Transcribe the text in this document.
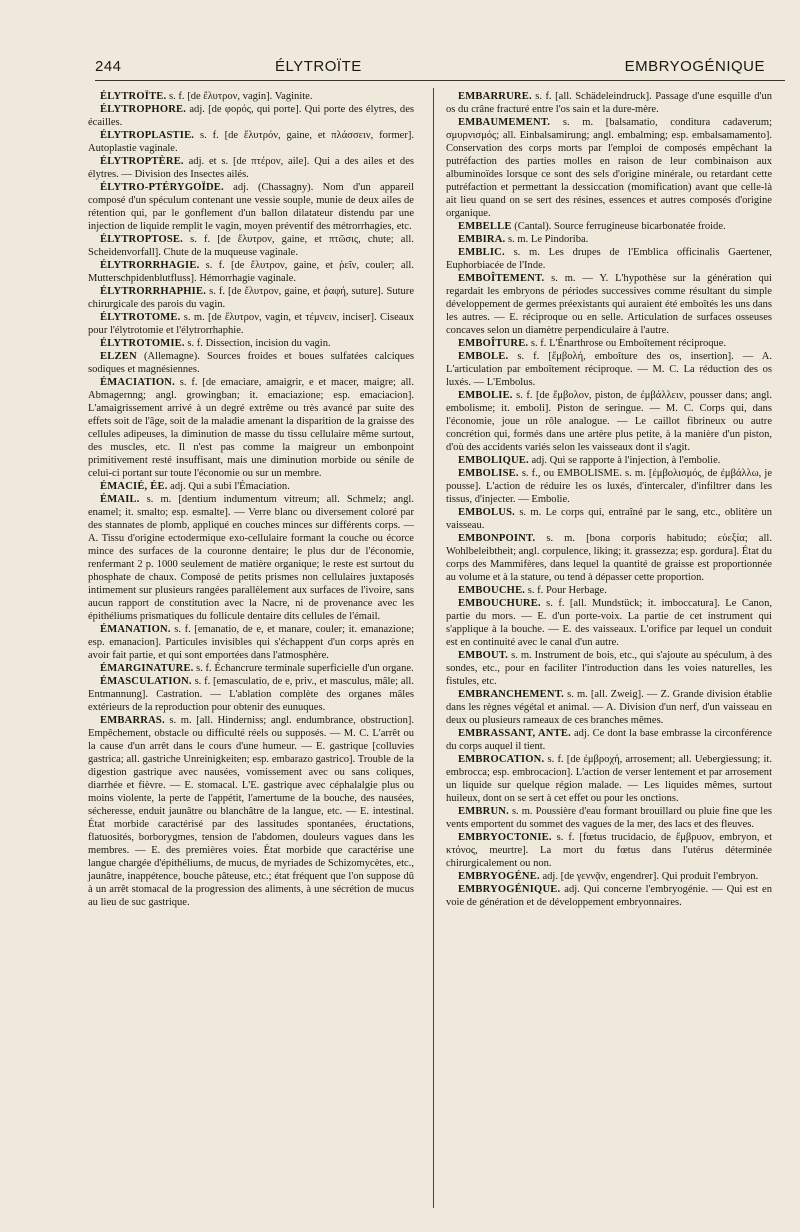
244	ÉLYTROÏTE	EMBRYOGÉNIQUE

ÉLYTROÏTE. s. f. [de ἔλυτρον, vagin]. Vaginite.

ÉLYTROPHORE. adj. [de φορός, qui porte]. Qui porte des élytres, des écailles.

ÉLYTROPLASTIE. s. f. [de ἔλυτρόν, gaine, et πλάσσειν, former]. Autoplastie vaginale.

ÉLYTROPTÈRE. adj. et s. [de πτέρον, aile]. Qui a des ailes et des élytres. — Division des Insectes ailés.

ÉLYTRO-PTÉRYGOÏDE. adj. (Chassagny). Nom d'un appareil composé d'un spéculum contenant une vessie souple, munie de deux ailes de rétention qui, par le gonflement d'un ballon dilatateur distendu par une injection de liquide remplit le vagin, moyen préventif des métrorrhagies, etc.

ÉLYTROPTOSE. s. f. [de ἔλυτρον, gaine, et πτῶσις, chute; all. Scheidenvorfall]. Chute de la muqueuse vaginale.

ÉLYTRORRHAGIE. s. f. [de ἔλυτρον, gaine, et ῥεῖν, couler; all. Mutterschpidenblutfluss]. Hémorrhagie vaginale.

ÉLYTRORRHAPHIE. s. f. [de ἔλυτρον, gaine, et ῥαφή, suture]. Suture chirurgicale des parois du vagin.

ÉLYTROTOME. s. m. [de ἔλυτρον, vagin, et τέμνειν, inciser]. Ciseaux pour l'élytrotomie et l'élytrorrhaphie.

ÉLYTROTOMIE. s. f. Dissection, incision du vagin.

ELZEN (Allemagne). Sources froides et boues sulfatées calciques sodiques et magnésiennes.

ÉMACIATION. s. f. [de emaciare, amaigrir, e et macer, maigre; all. Abmagernng; angl. growingban; it. emaciazione; esp. emaciacion]. L'amaigrissement arrivé à un degré extrême ou très avancé par suite des effets soit de l'âge, soit de la maladie amenant la disparition de la graisse des cellules adipeuses, la diminution de masse du tissu cellulaire même surtout, des muscles, etc. Il n'est pas comme la maigreur un embonpoint primitivement resté insuffisant, mais une diminution morbide ou sénile de celui-ci portant sur toute l'économie ou sur un membre.

ÉMACIÉ, ÉE. adj. Qui a subi l'Émaciation.

ÉMAIL. s. m. [dentium indumentum vitreum; all. Schmelz; angl. enamel; it. smalto; esp. esmalte]. — Verre blanc ou diversement coloré par des stannates de plomb, appliqué en couches minces sur différents corps. — A. Tissu d'origine ectodermique exo-cellulaire formant la couche ou écorce mince des surfaces de la couronne dentaire; le plus dur de l'économie, renfermant 2 p. 1000 seulement de matière organique; le reste est surtout du phosphate de chaux. Composé de petits prismes non cellulaires juxtaposés intimement sur plusieurs rangées parallèlement aux surfaces de l'ivoire, sans aucun rapport de constitution avec la Nacre, ni de provenance avec les épithéliums prismatiques du follicule dentaire dits cellules de l'émail.

ÉMANATION. s. f. [emanatio, de e, et manare, couler; it. emanazione; esp. emanacion]. Particules invisibles qui s'échappent d'un corps après en avoir fait partie, et qui sont emportées dans l'atmosphère.

ÉMARGINATURE. s. f. Échancrure terminale superficielle d'un organe.

ÉMASCULATION. s. f. [emasculatio, de e, priv., et masculus, mâle; all. Entmannung]. Castration. — L'ablation complète des organes mâles extérieurs de la reproduction pour obtenir des eunuques.

EMBARRAS. s. m. [all. Hinderniss; angl. endumbrance, obstruction]. Empêchement, obstacle ou difficulté réels ou supposés. — M. C. L'arrêt ou la cause d'un arrêt dans le cours d'une humeur. — E. gastrique [colluvies gastrica; all. gastriche Unreinigkeiten; esp. embarazo gastrico]. Trouble de la digestion gastrique avec nausées, vomissement avec ou sans coliques, diarrhée et fièvre. — E. stomacal. L'E. gastrique avec céphalalgie plus ou moins violente, la perte de l'appétit, l'amertume de la bouche, des nausées, sécheresse, enduit jaunâtre ou blanchâtre de la langue, etc. — E. intestinal. État morbide caractérisé par des lassitudes spontanées, éructations, flatuosités, borborygmes, tension de l'abdomen, douleurs vagues dans les membres. — E. des premières voies. État morbide que caractérise une langue chargée d'épithéliums, de mucus, de myriades de Schizomycètes, etc., jaunâtre, inappétence, bouche pâteuse, etc.; état fréquent que l'on suppose dû à un arrêt stomacal de la progression des aliments, à une sécrétion de mucus au lieu de suc gastrique.

EMBARRURE. s. f. [all. Schädeleindruck]. Passage d'une esquille d'un os du crâne fracturé entre l'os sain et la dure-mère.

EMBAUMEMENT. s. m. [balsamatio, conditura cadaverum; σμυρνισμός; all. Einbalsamirung; angl. embalming; esp. embalsamamento]. Conservation des corps morts par l'emploi de composés empêchant la putréfaction des parties molles en raison de leur combinaison aux albuminoïdes lorsque ce sont des sels d'origine minérale, ou retardant cette putréfaction et permettant la dessiccation (momification) avant que celle-là ait lieu quand on se sert des résines, essences et autres composés d'origine organique.

EMBELLE (Cantal). Source ferrugineuse bicarbonatée froide.

EMBIRA. s. m. Le Pindoriba.

EMBLIC. s. m. Les drupes de l'Emblica officinalis Gaertener, Euphorbiacée de l'Inde.

EMBOÎTEMENT. s. m. — Y. L'hypothèse sur la génération qui regardait les embryons de périodes successives comme résultant du simple développement de germes préexistants qui auraient été emboîtés les uns dans les autres. — E. réciproque ou en selle. Articulation de surfaces osseuses concaves selon un diamètre perpendiculaire à l'autre.

EMBOÎTURE. s. f. L'Énarthrose ou Emboîtement réciproque.

EMBOLE. s. f. [ἔμβολή, emboîture des os, insertion]. — A. L'articulation par emboîtement réciproque. — M. C. La réduction des os luxés. — L'Embolus.

EMBOLIE. s. f. [de ἔμβολον, piston, de ἐμβάλλειν, pousser dans; angl. embolisme; it. emboli]. Piston de seringue. — M. C. Corps qui, dans l'économie, joue un rôle analogue. — Le caillot fibrineux ou autre concrétion qui, formés dans une artère plus petite, à la manière d'un piston, d'où des accidents variés selon les vaisseaux dont il s'agit.

EMBOLIQUE. adj. Qui se rapporte à l'injection, à l'embolie.

EMBOLISE. s. f., ou EMBOLISME. s. m. [ἐμβολισμός, de ἐμβάλλω, je pousse]. L'action de réduire les os luxés, d'intercaler, d'infiltrer dans les tissus, d'injecter. — Embolie.

EMBOLUS. s. m. Le corps qui, entraîné par le sang, etc., oblitère un vaisseau.

EMBONPOINT. s. m. [bona corporis habitudo; εὐεξία; all. Wohlbeleibtheit; angl. corpulence, liking; it. grassezza; esp. gordura]. État du corps des Mammifères, dans lequel la quantité de graisse est proportionnée au volume et à la stature, ou tend à dépasser cette proportion.

EMBOUCHE. s. f. Pour Herbage.

EMBOUCHURE. s. f. [all. Mundstück; it. imboccatura]. Le Canon, partie du mors. — E. d'un porte-voix. La partie de cet instrument qui s'applique à la bouche. — E. des vaisseaux. L'orifice par lequel un conduit est en continuité avec le canal d'un autre.

EMBOUT. s. m. Instrument de bois, etc., qui s'ajoute au spéculum, à des sondes, etc., pour en faciliter l'introduction dans les voies naturelles, les fistules, etc.

EMBRANCHEMENT. s. m. [all. Zweig]. — Z. Grande division établie dans les règnes végétal et animal. — A. Division d'un nerf, d'un vaisseau en deux ou plusieurs rameaux de ces branches mêmes.

EMBRASSANT, ANTE. adj. Ce dont la base embrasse la circonférence du corps auquel il tient.

EMBROCATION. s. f. [de ἐμβροχή, arrosement; all. Uebergiessung; it. embrocca; esp. embrocacion]. L'action de verser lentement et par arrosement un liquide sur quelque région malade. — Les liquides mêmes, surtout huileux, dont on se sert à cet effet ou pour les onctions.

EMBRUN. s. m. Poussière d'eau formant brouillard ou pluie fine que les vents emportent du sommet des vagues de la mer, des lacs et des fleuves.

EMBRYOCTONIE. s. f. [fœtus trucidacio, de ἔμβρυον, embryon, et κτόνος, meurtre]. La mort du fœtus dans l'utérus déterminée chirurgicalement ou non.

EMBRYOGÉNE. adj. [de γεννᾷν, engendrer]. Qui produit l'embryon.

EMBRYOGÉNIQUE. adj. Qui concerne l'embryogénie. — Qui est en voie de génération et de développement embryonnaires.
